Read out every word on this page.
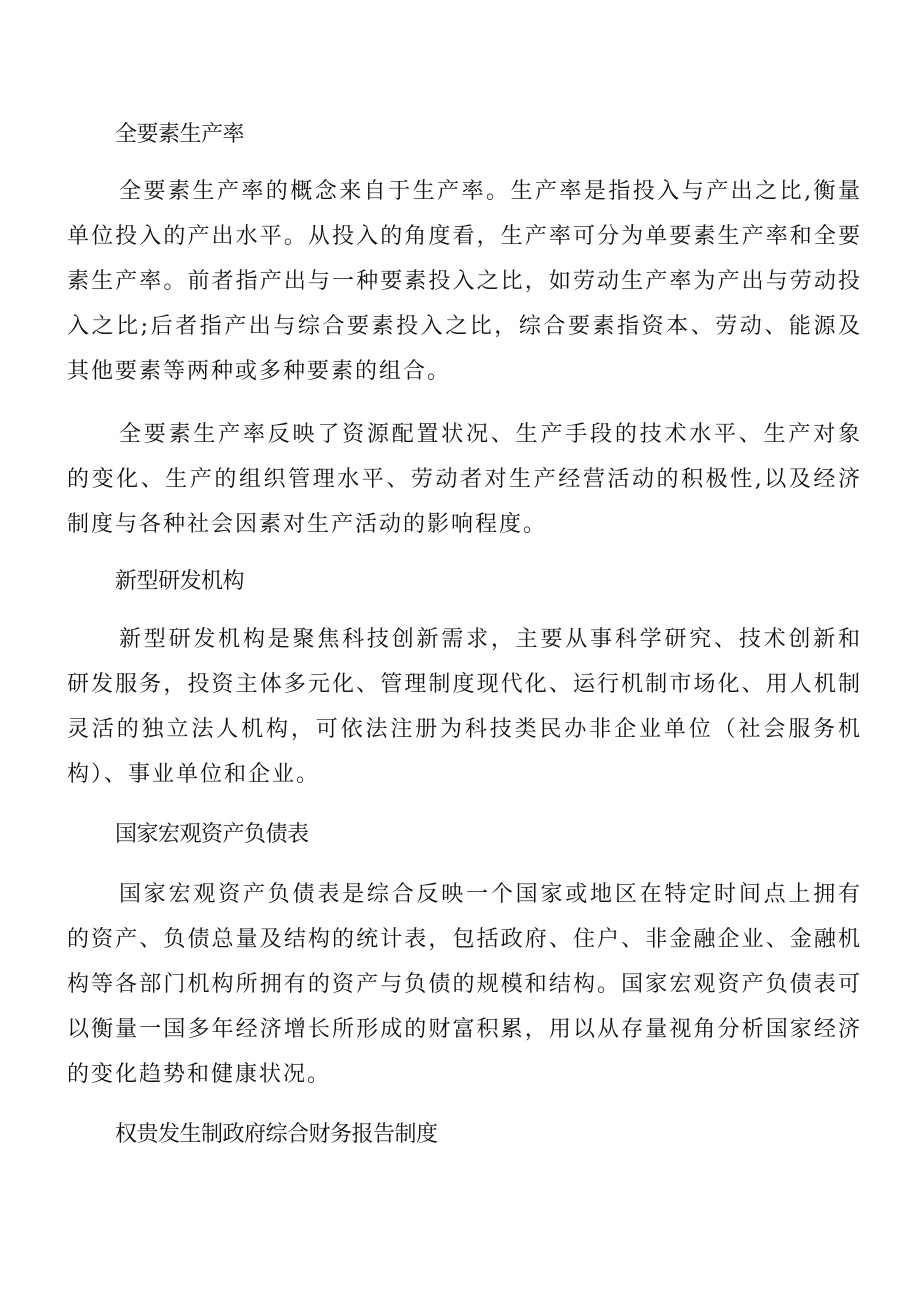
全要素生产率
全要素生产率的概念来自于生产率。生产率是指投入与产出之比,衡量单位投入的产出水平。从投入的角度看，生产率可分为单要素生产率和全要素生产率。前者指产出与一种要素投入之比，如劳动生产率为产出与劳动投入之比;后者指产出与综合要素投入之比，综合要素指资本、劳动、能源及其他要素等两种或多种要素的组合。
全要素生产率反映了资源配置状况、生产手段的技术水平、生产对象的变化、生产的组织管理水平、劳动者对生产经营活动的积极性,以及经济制度与各种社会因素对生产活动的影响程度。
新型研发机构
新型研发机构是聚焦科技创新需求，主要从事科学研究、技术创新和研发服务，投资主体多元化、管理制度现代化、运行机制市场化、用人机制灵活的独立法人机构，可依法注册为科技类民办非企业单位（社会服务机构）、事业单位和企业。
国家宏观资产负债表
国家宏观资产负债表是综合反映一个国家或地区在特定时间点上拥有的资产、负债总量及结构的统计表，包括政府、住户、非金融企业、金融机构等各部门机构所拥有的资产与负债的规模和结构。国家宏观资产负债表可以衡量一国多年经济增长所形成的财富积累，用以从存量视角分析国家经济的变化趋势和健康状况。
权贵发生制政府综合财务报告制度
